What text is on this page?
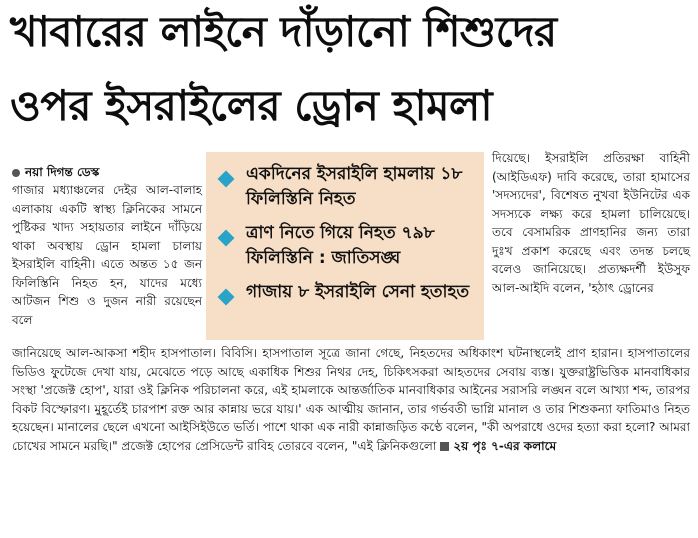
খাবারের লাইনে দাঁড়ানো শিশুদের
ওপর ইসরাইলের ড্রোন হামলা
নয়া দিগন্ত ডেস্ক

গাজার মধ্যাঞ্চলের দেইর আল-বালাহ এলাকায় একটি স্বাস্থ্য ক্লিনিকের সামনে পুষ্টিকর খাদ্য সহায়তার লাইনে দাঁড়িয়ে থাকা অবস্থায় ড্রোন হামলা চালায় ইসরাইলি বাহিনী। এতে অন্তত ১৫ জন ফিলিস্তিনি নিহত হন, যাদের মধ্যে আটজন শিশু ও দুজন নারী রয়েছেন বলে

একদিনের ইসরাইলি হামলায় ১৮ ফিলিস্তিনি নিহত
ত্রাণ নিতে গিয়ে নিহত ৭৯৮ ফিলিস্তিনি : জাতিসঙ্ঘ
গাজায় ৮ ইসরাইলি সেনা হতাহত

দিয়েছে। ইসরাইলি প্রতিরক্ষা বাহিনী (আইডিএফ) দাবি করেছে, তারা হামাসের 'সদস্যদের', বিশেষত নুখবা ইউনিটের এক সদস্যকে লক্ষ্য করে হামলা চালিয়েছে। তবে বেসামরিক প্রাণহানির জন্য তারা দুঃখ প্রকাশ করেছে এবং তদন্ত চলছে বলেও জানিয়েছে। প্রত্যক্ষদর্শী ইউসুফ আল-আইদি বলেন, 'হঠাৎ ড্রোনের

জানিয়েছে আল-আকসা শহীদ হাসপাতাল। বিবিসি। হাসপাতাল সূত্রে জানা গেছে, নিহতদের অধিকাংশ ঘটনাস্থলেই প্রাণ হারান। হাসপাতালের ভিডিও ফুটেজে দেখা যায়, মেঝেতে পড়ে আছে একাধিক শিশুর নিথর দেহ, চিকিৎসকরা আহতদের সেবায় ব্যস্ত। যুক্তরাষ্ট্রভিত্তিক মানবাধিকার সংস্থা 'প্রজেক্ট হোপ', যারা ওই ক্লিনিক পরিচালনা করে, এই হামলাকে আন্তর্জাতিক মানবাধিকার আইনের সরাসরি লঙ্ঘন বলে আখ্যা শব্দ, তারপর বিকট বিস্ফোরণ। মুহূর্তেই চারপাশ রক্ত আর কান্নায় ভরে যায়।' এক আত্মীয় জানান, তার গর্ভবতী ভাগ্নি মানাল ও তার শিশুকন্যা ফাতিমাও নিহত হয়েছেন। মানালের ছেলে এখনো আইসিইউতে ভর্তি। পাশে থাকা এক নারী কান্নাজড়িত কণ্ঠে বলেন, "কী অপরাধে ওদের হত্যা করা হলো? আমরা চোখের সামনে মরছি।" প্রজেক্ট হোপের প্রেসিডেন্ট রাবিহ তোরবে বলেন, "এই ক্লিনিকগুলো ২য় পৃঃ ৭-এর কলামে
